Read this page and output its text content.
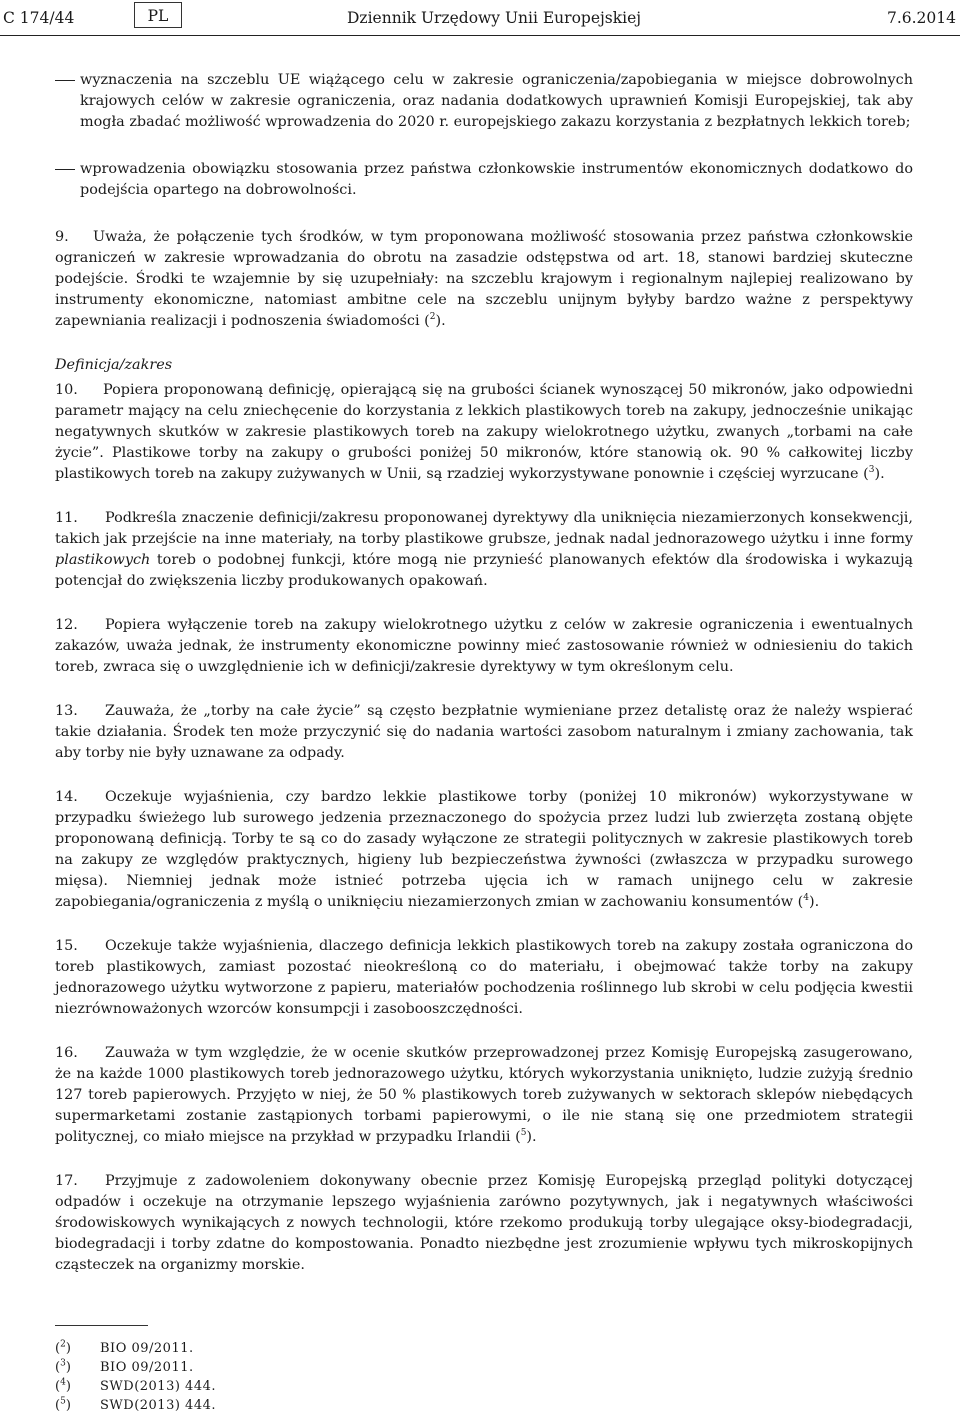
C 174/44	PL	Dziennik Urzędowy Unii Europejskiej	7.6.2014

wyznaczenia na szczeblu UE wiążącego celu w zakresie ograniczenia/zapobiegania w miejsce dobrowolnych krajowych celów w zakresie ograniczenia, oraz nadania dodatkowych uprawnień Komisji Europejskiej, tak aby mogła zbadać możliwość wprowadzenia do 2020 r. europejskiego zakazu korzystania z bezpłatnych lekkich toreb;

wprowadzenia obowiązku stosowania przez państwa członkowskie instrumentów ekonomicznych dodatkowo do podejścia opartego na dobrowolności.

9. Uważa, że połączenie tych środków, w tym proponowana możliwość stosowania przez państwa członkowskie ograniczeń w zakresie wprowadzania do obrotu na zasadzie odstępstwa od art. 18, stanowi bardziej skuteczne podejście. Środki te wzajemnie by się uzupełniały: na szczeblu krajowym i regionalnym najlepiej realizowano by instrumenty ekonomiczne, natomiast ambitne cele na szczeblu unijnym byłyby bardzo ważne z perspektywy zapewniania realizacji i podnoszenia świadomości ($^2$).

Definicja/zakres

10. Popiera proponowaną definicję, opierającą się na grubości ścianek wynoszącej 50 mikronów, jako odpowiedni parametr mający na celu zniechęcenie do korzystania z lekkich plastikowych toreb na zakupy, jednocześnie unikając negatywnych skutków w zakresie plastikowych toreb na zakupy wielokrotnego użytku, zwanych „torbami na całe życie”. Plastikowe torby na zakupy o grubości poniżej 50 mikronów, które stanowią ok. 90 % całkowitej liczby plastikowych toreb na zakupy zużywanych w Unii, są rzadziej wykorzystywane ponownie i częściej wyrzucane ($^3$).

11. Podkreśla znaczenie definicji/zakresu proponowanej dyrektywy dla uniknięcia niezamierzonych konsekwencji, takich jak przejście na inne materiały, na torby plastikowe grubsze, jednak nadal jednorazowego użytku i inne formy plastikowych toreb o podobnej funkcji, które mogą nie przynieść planowanych efektów dla środowiska i wykazują potencjał do zwiększenia liczby produkowanych opakowań.

12. Popiera wyłączenie toreb na zakupy wielokrotnego użytku z celów w zakresie ograniczenia i ewentualnych zakazów, uważa jednak, że instrumenty ekonomiczne powinny mieć zastosowanie również w odniesieniu do takich toreb, zwraca się o uwzględnienie ich w definicji/zakresie dyrektywy w tym określonym celu.

13. Zauważa, że „torby na całe życie” są często bezpłatnie wymieniane przez detalistę oraz że należy wspierać takie działania. Środek ten może przyczynić się do nadania wartości zasobom naturalnym i zmiany zachowania, tak aby torby nie były uznawane za odpady.

14. Oczekuje wyjaśnienia, czy bardzo lekkie plastikowe torby (poniżej 10 mikronów) wykorzystywane w przypadku świeżego lub surowego jedzenia przeznaczonego do spożycia przez ludzi lub zwierzęta zostaną objęte proponowaną definicją. Torby te są co do zasady wyłączone ze strategii politycznych w zakresie plastikowych toreb na zakupy ze względów praktycznych, higieny lub bezpieczeństwa żywności (zwłaszcza w przypadku surowego mięsa). Niemniej jednak może istnieć potrzeba ujęcia ich w ramach unijnego celu w zakresie zapobiegania/ograniczenia z myślą o uniknięciu niezamierzonych zmian w zachowaniu konsumentów ($^4$).

15. Oczekuje także wyjaśnienia, dlaczego definicja lekkich plastikowych toreb na zakupy została ograniczona do toreb plastikowych, zamiast pozostać nieokreśloną co do materiału, i obejmować także torby na zakupy jednorazowego użytku wytworzone z papieru, materiałów pochodzenia roślinnego lub skrobi w celu podjęcia kwestii niezrównoważonych wzorców konsumpcji i zasobooszczędności.

16. Zauważa w tym względzie, że w ocenie skutków przeprowadzonej przez Komisję Europejską zasugerowano, że na każde 1000 plastikowych toreb jednorazowego użytku, których wykorzystania uniknięto, ludzie zużyją średnio 127 toreb papierowych. Przyjęto w niej, że 50 % plastikowych toreb zużywanych w sektorach sklepów niebędących supermarketami zostanie zastąpionych torbami papierowymi, o ile nie staną się one przedmiotem strategii politycznej, co miało miejsce na przykład w przypadku Irlandii ($^5$).

17. Przyjmuje z zadowoleniem dokonywany obecnie przez Komisję Europejską przegląd polityki dotyczącej odpadów i oczekuje na otrzymanie lepszego wyjaśnienia zarówno pozytywnych, jak i negatywnych właściwości środowiskowych wynikających z nowych technologii, które rzekomo produkują torby ulegające oksy-biodegradacji, biodegradacji i torby zdatne do kompostowania. Ponadto niezbędne jest zrozumienie wpływu tych mikroskopijnych cząsteczek na organizmy morskie.

($^2$) BIO 09/2011.
($^3$) BIO 09/2011.
($^4$) SWD(2013) 444.
($^5$) SWD(2013) 444.
